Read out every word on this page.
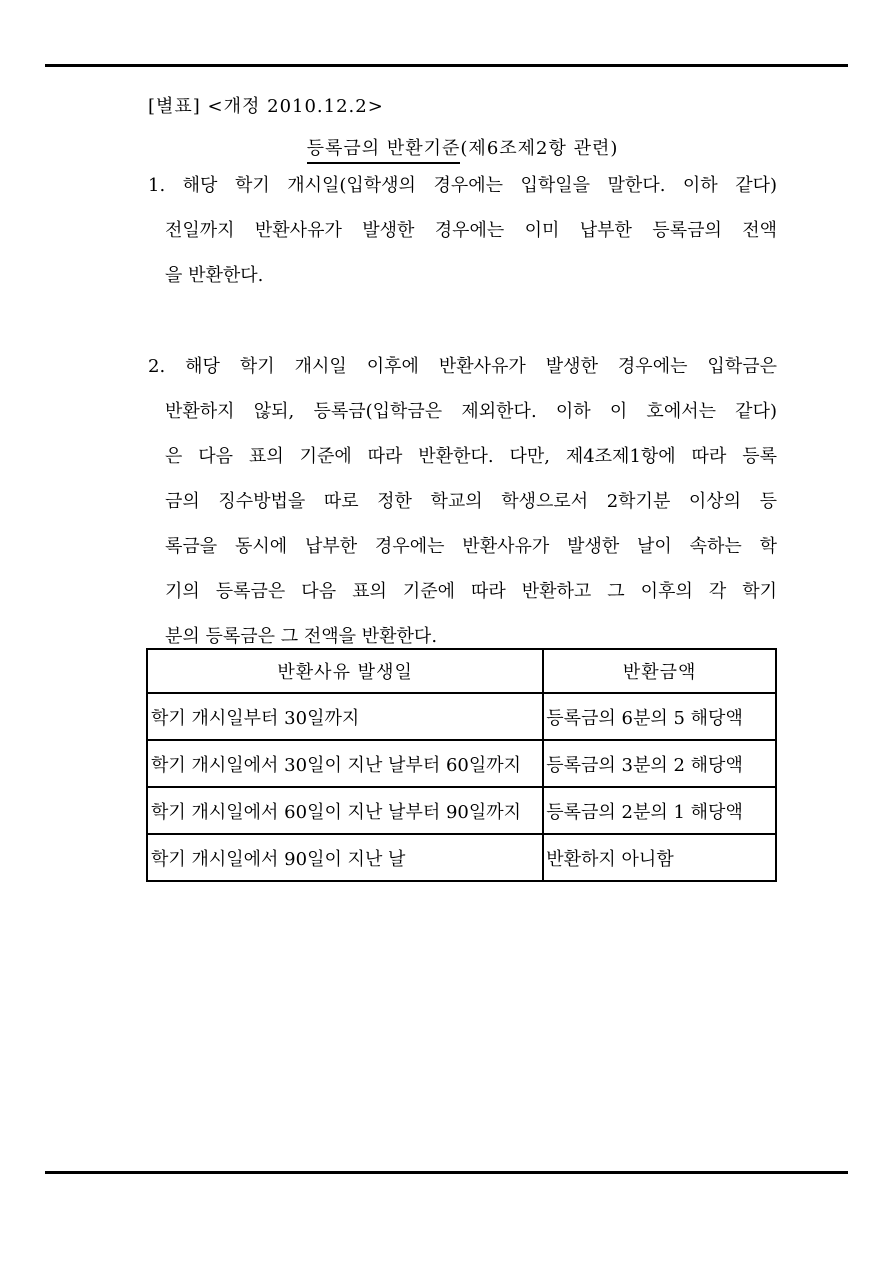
[별표] <개정 2010.12.2>
등록금의 반환기준(제6조제2항 관련)
1. 해당 학기 개시일(입학생의 경우에는 입학일을 말한다. 이하 같다)
전일까지 반환사유가 발생한 경우에는 이미 납부한 등록금의 전액
을 반환한다.
2. 해당 학기 개시일 이후에 반환사유가 발생한 경우에는 입학금은
반환하지 않되, 등록금(입학금은 제외한다. 이하 이 호에서는 같다)
은 다음 표의 기준에 따라 반환한다. 다만, 제4조제1항에 따라 등록
금의 징수방법을 따로 정한 학교의 학생으로서 2학기분 이상의 등
록금을 동시에 납부한 경우에는 반환사유가 발생한 날이 속하는 학
기의 등록금은 다음 표의 기준에 따라 반환하고 그 이후의 각 학기
분의 등록금은 그 전액을 반환한다.
반환사유 발생일	반환금액
학기 개시일부터 30일까지	등록금의 6분의 5 해당액
학기 개시일에서 30일이 지난 날부터 60일까지	등록금의 3분의 2 해당액
학기 개시일에서 60일이 지난 날부터 90일까지	등록금의 2분의 1 해당액
학기 개시일에서 90일이 지난 날	반환하지 아니함
